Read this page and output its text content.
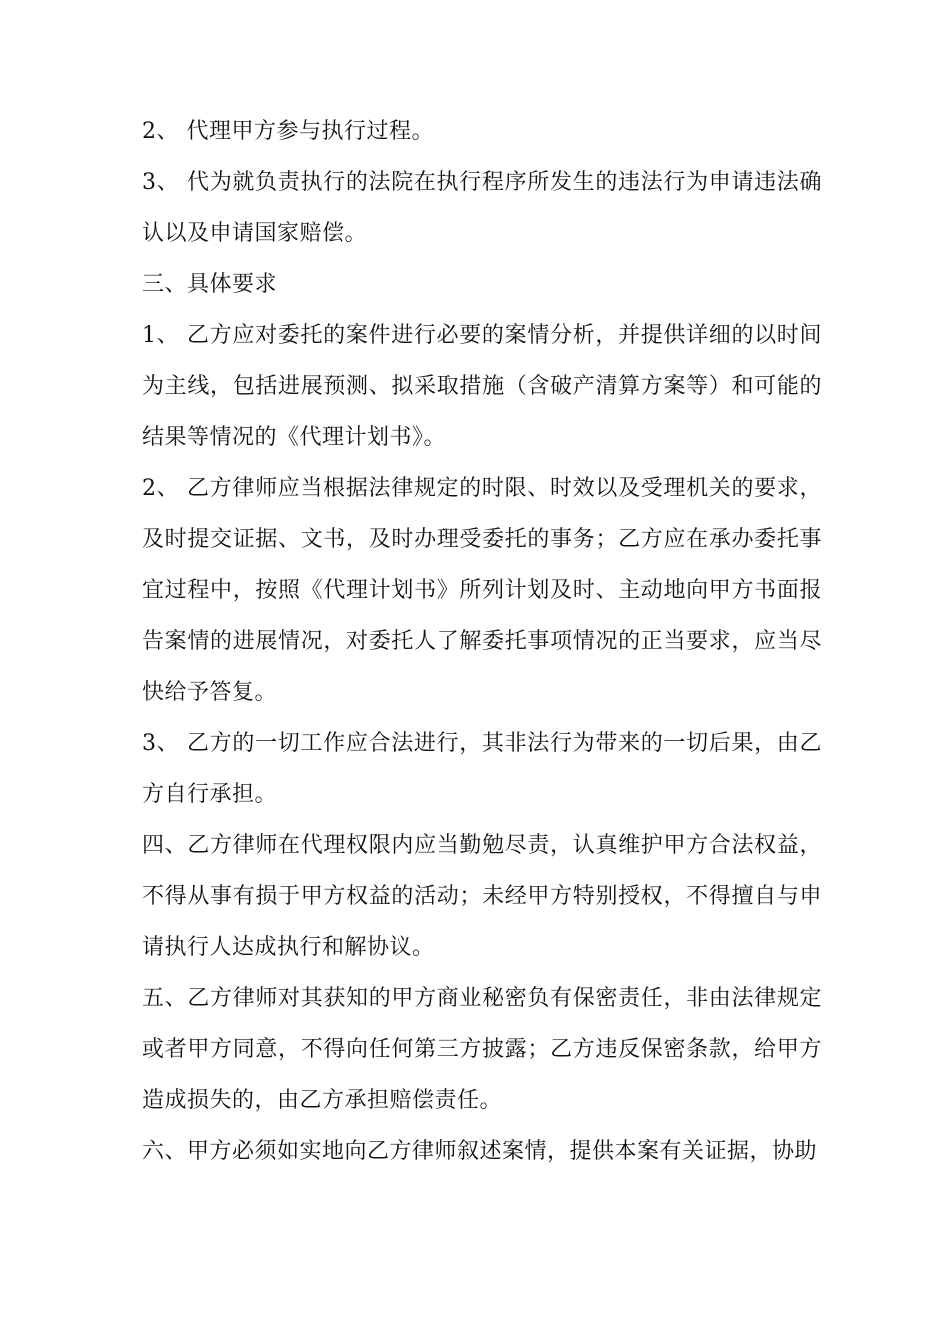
2、 代理甲方参与执行过程。

3、 代为就负责执行的法院在执行程序所发生的违法行为申请违法确认以及申请国家赔偿。

三、具体要求

1、 乙方应对委托的案件进行必要的案情分析，并提供详细的以时间为主线，包括进展预测、拟采取措施（含破产清算方案等）和可能的结果等情况的《代理计划书》。

2、 乙方律师应当根据法律规定的时限、时效以及受理机关的要求，及时提交证据、文书，及时办理受委托的事务；乙方应在承办委托事宜过程中，按照《代理计划书》所列计划及时、主动地向甲方书面报告案情的进展情况，对委托人了解委托事项情况的正当要求，应当尽快给予答复。

3、 乙方的一切工作应合法进行，其非法行为带来的一切后果，由乙方自行承担。

四、乙方律师在代理权限内应当勤勉尽责，认真维护甲方合法权益，不得从事有损于甲方权益的活动；未经甲方特别授权，不得擅自与申请执行人达成执行和解协议。

五、乙方律师对其获知的甲方商业秘密负有保密责任，非由法律规定或者甲方同意，不得向任何第三方披露；乙方违反保密条款，给甲方造成损失的，由乙方承担赔偿责任。

六、甲方必须如实地向乙方律师叙述案情，提供本案有关证据，协助
